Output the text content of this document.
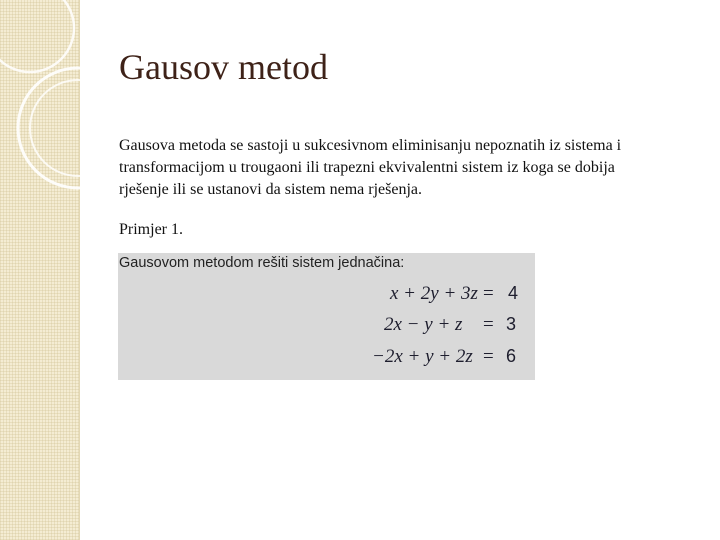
Gausov metod

Gausova metoda se sastoji u sukcesivnom eliminisanju nepoznatih iz sistema i transformacijom u trougaoni ili trapezni ekvivalentni sistem iz koga se dobija rješenje ili se ustanovi da sistem nema rješenja.

Primjer 1.

Gausovom metodom rešiti sistem jednačina:
x + 2y + 3z = 4
2x − y + z = 3
−2x + y + 2z = 6
